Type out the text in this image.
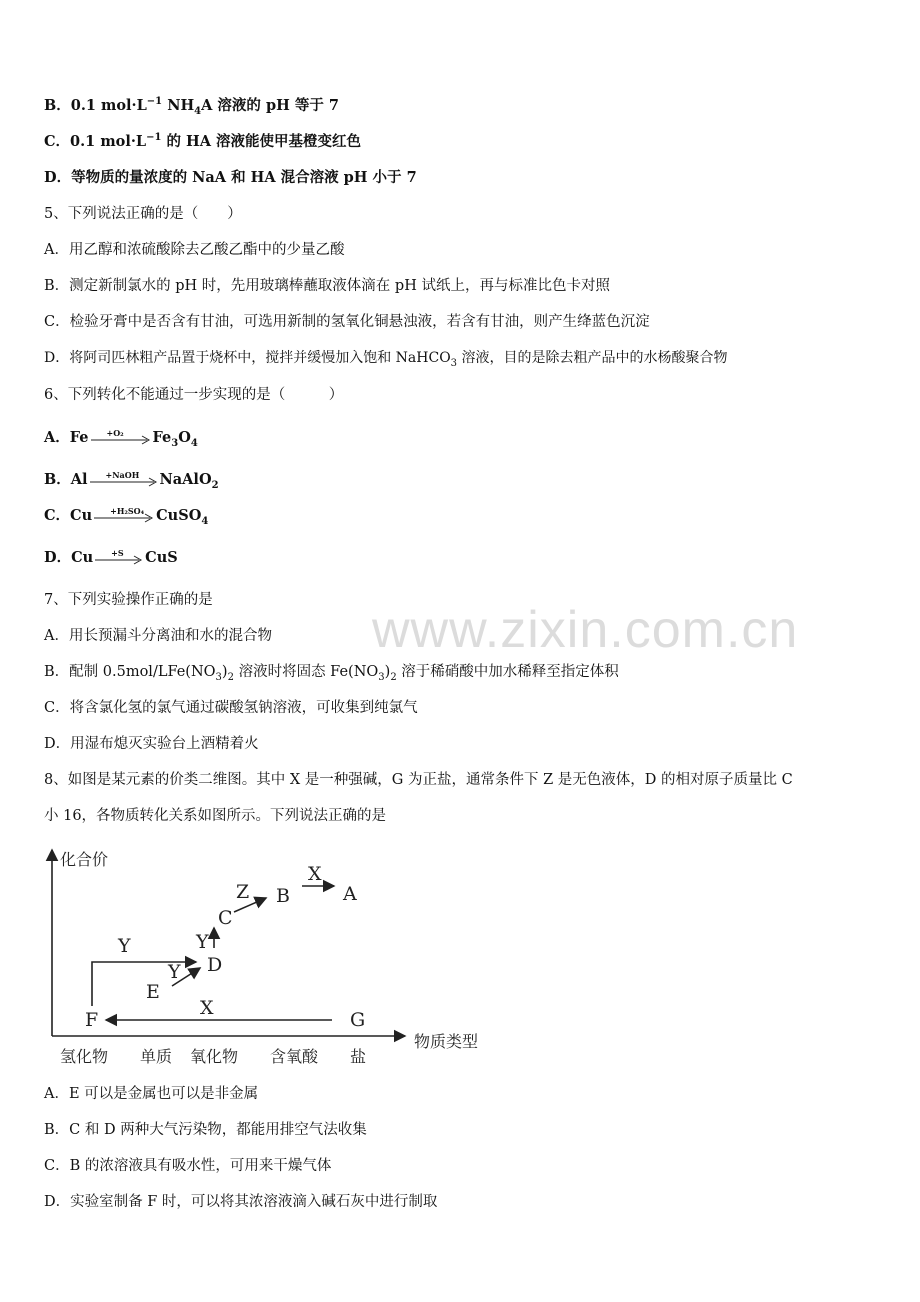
B．0.1 $mol\cdot L^{-1}$ $NH_4A$ 溶液的 pH 等于 7
C．0.1 $mol\cdot L^{-1}$ 的 HA 溶液能使甲基橙变红色
D．等物质的量浓度的 NaA 和 HA 混合溶液 pH 小于 7
5、下列说法正确的是（　　）
A．用乙醇和浓硫酸除去乙酸乙酯中的少量乙酸
B．测定新制氯水的 pH 时，先用玻璃棒蘸取液体滴在 pH 试纸上，再与标准比色卡对照
C．检验牙膏中是否含有甘油，可选用新制的氢氧化铜悬浊液，若含有甘油，则产生绛蓝色沉淀
D．将阿司匹林粗产品置于烧杯中，搅拌并缓慢加入饱和 NaHCO$_3$ 溶液，目的是除去粗产品中的水杨酸聚合物
6、下列转化不能通过一步实现的是（　　　）
A．Fe +O₂ $Fe_3O_4$
B．Al +NaOH NaAlO$_2$
C．Cu +H₂SO₄ CuSO$_4$
D．Cu +S CuS
7、下列实验操作正确的是
A．用长预漏斗分离油和水的混合物
B．配制 $0.5mol/LFe(NO_3)_2$ 溶液时将固态 $Fe(NO_3)_2$ 溶于稀硝酸中加水稀释至指定体积
C．将含氯化氢的氯气通过碳酸氢钠溶液，可收集到纯氯气
D．用湿布熄灭实验台上酒精着火
www.zixin.com.cn
8、如图是某元素的价类二维图。其中 X 是一种强碱，G 为正盐，通常条件下 Z 是无色液体，D 的相对原子质量比 C
小 16，各物质转化关系如图所示。下列说法正确的是
化合价
物质类型
氢化物 单质 氧化物 含氧酸 盐
F	G
E
D
C
B	A
X
Y
Y
Y
Z
X
A．E 可以是金属也可以是非金属
B．C 和 D 两种大气污染物，都能用排空气法收集
C．B 的浓溶液具有吸水性，可用来干燥气体
D．实验室制备 F 时，可以将其浓溶液滴入碱石灰中进行制取
